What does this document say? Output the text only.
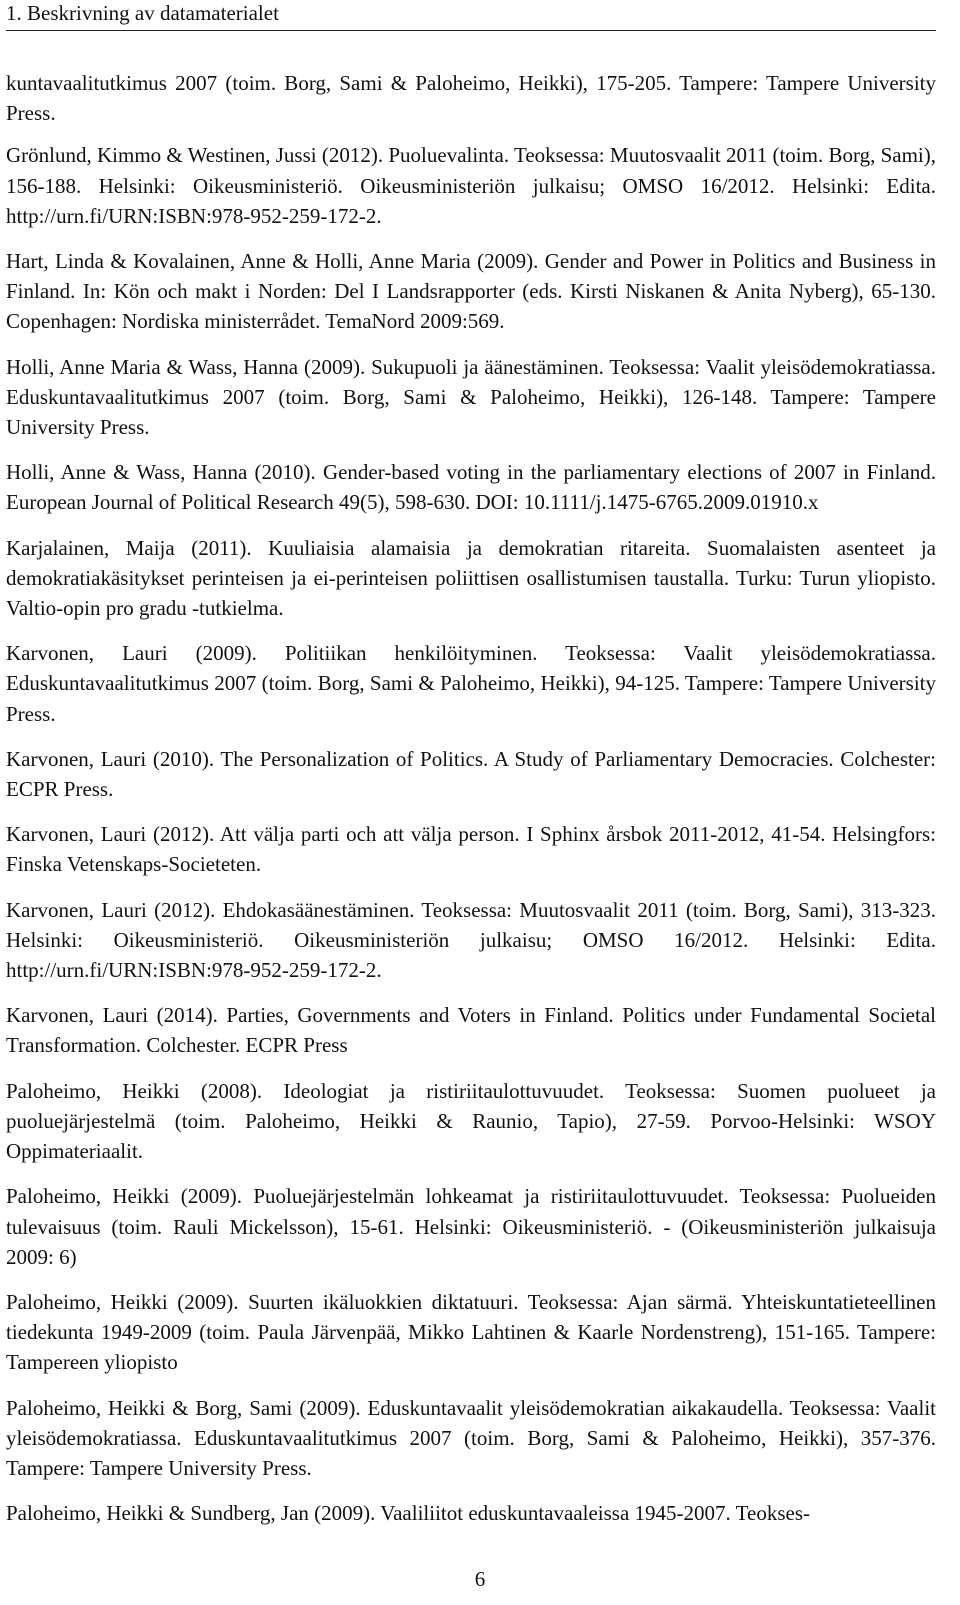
1. Beskrivning av datamaterialet

kuntavaalitutkimus 2007 (toim. Borg, Sami & Paloheimo, Heikki), 175-205. Tampere: Tampere University Press.

Grönlund, Kimmo & Westinen, Jussi (2012). Puoluevalinta. Teoksessa: Muutosvaalit 2011 (toim. Borg, Sami), 156-188. Helsinki: Oikeusministeriö. Oikeusministeriön julkaisu; OMSO 16/2012. Helsinki: Edita. http://urn.fi/URN:ISBN:978-952-259-172-2.

Hart, Linda & Kovalainen, Anne & Holli, Anne Maria (2009). Gender and Power in Politics and Business in Finland. In: Kön och makt i Norden: Del I Landsrapporter (eds. Kirsti Niskanen & Anita Nyberg), 65-130. Copenhagen: Nordiska ministerrådet. TemaNord 2009:569.

Holli, Anne Maria & Wass, Hanna (2009). Sukupuoli ja äänestäminen. Teoksessa: Vaalit yleisödemokratiassa. Eduskuntavaalitutkimus 2007 (toim. Borg, Sami & Paloheimo, Heikki), 126-148. Tampere: Tampere University Press.

Holli, Anne & Wass, Hanna (2010). Gender-based voting in the parliamentary elections of 2007 in Finland. European Journal of Political Research 49(5), 598-630. DOI: 10.1111/j.1475-6765.2009.01910.x

Karjalainen, Maija (2011). Kuuliaisia alamaisia ja demokratian ritareita. Suomalaisten asenteet ja demokratiakäsitykset perinteisen ja ei-perinteisen poliittisen osallistumisen taustalla. Turku: Turun yliopisto. Valtio-opin pro gradu -tutkielma.

Karvonen, Lauri (2009). Politiikan henkilöityminen. Teoksessa: Vaalit yleisödemokratiassa. Eduskuntavaalitutkimus 2007 (toim. Borg, Sami & Paloheimo, Heikki), 94-125. Tampere: Tampere University Press.

Karvonen, Lauri (2010). The Personalization of Politics. A Study of Parliamentary Democracies. Colchester: ECPR Press.

Karvonen, Lauri (2012). Att välja parti och att välja person. I Sphinx årsbok 2011-2012, 41-54. Helsingfors: Finska Vetenskaps-Societeten.

Karvonen, Lauri (2012). Ehdokasäänestäminen. Teoksessa: Muutosvaalit 2011 (toim. Borg, Sami), 313-323. Helsinki: Oikeusministeriö. Oikeusministeriön julkaisu; OMSO 16/2012. Helsinki: Edita. http://urn.fi/URN:ISBN:978-952-259-172-2.

Karvonen, Lauri (2014). Parties, Governments and Voters in Finland. Politics under Fundamental Societal Transformation. Colchester. ECPR Press

Paloheimo, Heikki (2008). Ideologiat ja ristiriitaulottuvuudet. Teoksessa: Suomen puolueet ja puoluejärjestelmä (toim. Paloheimo, Heikki & Raunio, Tapio), 27-59. Porvoo-Helsinki: WSOY Oppimateriaalit.

Paloheimo, Heikki (2009). Puoluejärjestelmän lohkeamat ja ristiriitaulottuvuudet. Teoksessa: Puolueiden tulevaisuus (toim. Rauli Mickelsson), 15-61. Helsinki: Oikeusministeriö. - (Oikeusministeriön julkaisuja 2009: 6)

Paloheimo, Heikki (2009). Suurten ikäluokkien diktatuuri. Teoksessa: Ajan särmä. Yhteiskuntatieteellinen tiedekunta 1949-2009 (toim. Paula Järvenpää, Mikko Lahtinen & Kaarle Nordenstreng), 151-165. Tampere: Tampereen yliopisto

Paloheimo, Heikki & Borg, Sami (2009). Eduskuntavaalit yleisödemokratian aikakaudella. Teoksessa: Vaalit yleisödemokratiassa. Eduskuntavaalitutkimus 2007 (toim. Borg, Sami & Paloheimo, Heikki), 357-376. Tampere: Tampere University Press.

Paloheimo, Heikki & Sundberg, Jan (2009). Vaaliliitot eduskuntavaaleissa 1945-2007. Teokses-

6
